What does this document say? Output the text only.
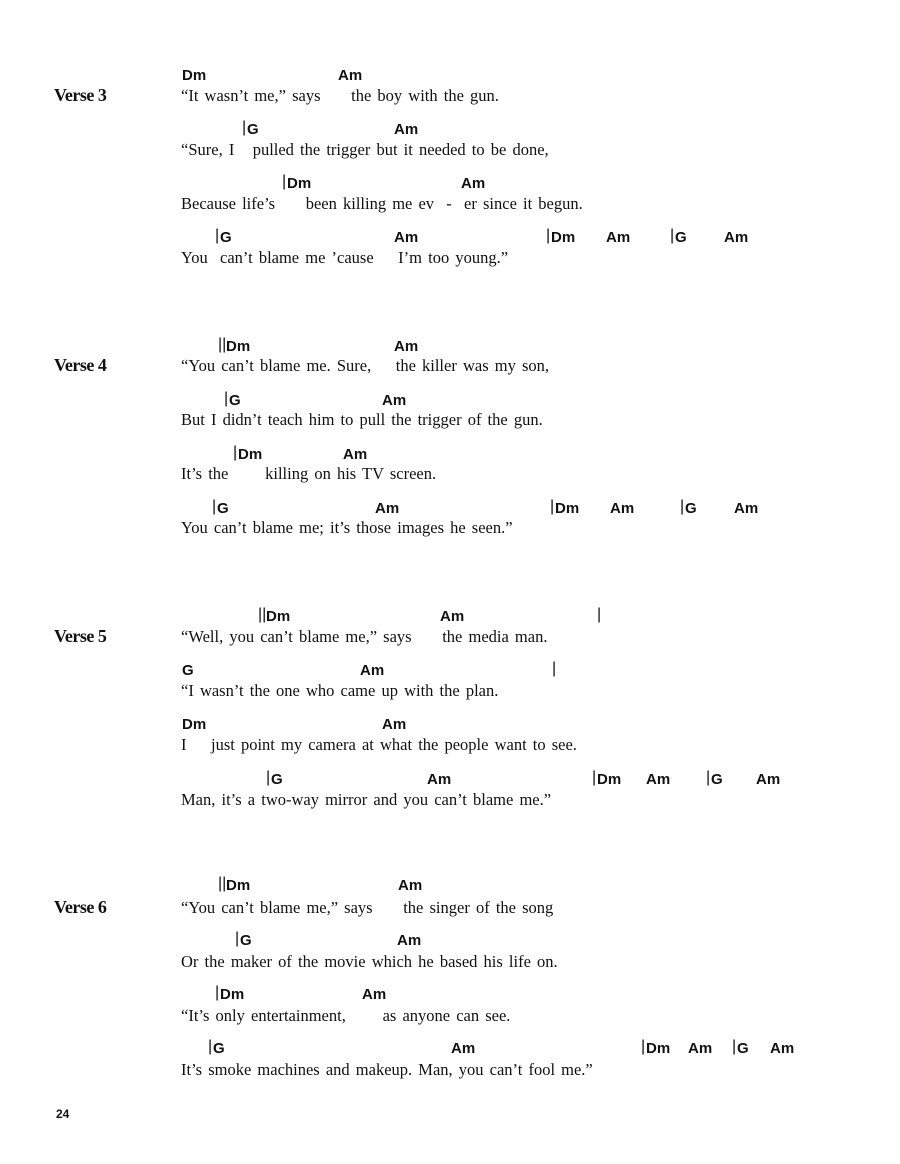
Verse 3
Dm	Am
“It wasn’t me,” says     the boy with the gun.
| G	Am
“Sure, I   pulled the trigger but it needed to be done,
| Dm	Am
Because life’s     been killing me ev  -  er since it begun.
| G	Am	| Dm Am | G Am
You  can’t blame me ’cause    I’m too young.”
Verse 4
|| Dm	Am
“You can’t blame me. Sure,    the killer was my son,
| G	Am
But I didn’t teach him to pull the trigger of the gun.
| Dm	Am
It’s the      killing on his TV screen.
| G	Am	| Dm Am	| G Am
You can’t blame me; it’s those images he seen.”
Verse 5
|| Dm	Am	|
“Well, you can’t blame me,” says     the media man.
G	Am	|
“I wasn’t the one who came up with the plan.
Dm	Am
I    just point my camera at what the people want to see.
| G	Am	| Dm Am | G Am
Man, it’s a two-way mirror and you can’t blame me.”
Verse 6
|| Dm	Am
“You can’t blame me,” says     the singer of the song
| G	Am
Or the maker of the movie which he based his life on.
| Dm	Am
“It’s only entertainment,      as anyone can see.
| G	Am	| Dm Am | G Am
It’s smoke machines and makeup. Man, you can’t fool me.”
24
